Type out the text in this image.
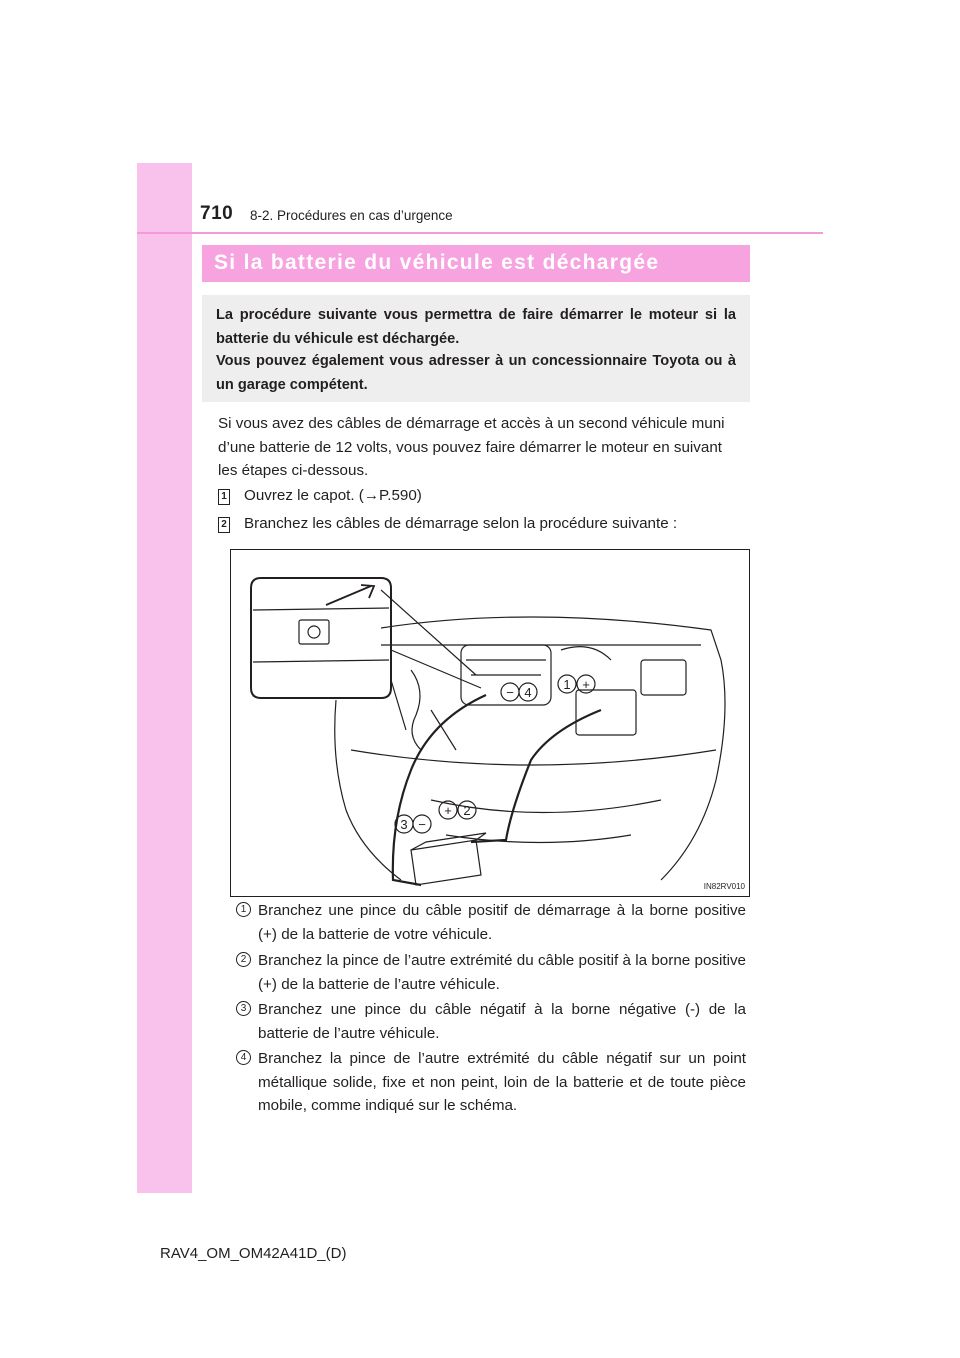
710 8-2. Procédures en cas d’urgence
Si la batterie du véhicule est déchargée

La procédure suivante vous permettra de faire démarrer le moteur si la batterie du véhicule est déchargée.

Vous pouvez également vous adresser à un concessionnaire Toyota ou à un garage compétent.

Si vous avez des câbles de démarrage et accès à un second véhicule muni d’une batterie de 12 volts, vous pouvez faire démarrer le moteur en suivant les étapes ci-dessous.

1 Ouvrez le capot. (→P.590)
2 Branchez les câbles de démarrage selon la procédure suivante :
− 4
1 +
3 −
+ 2
IN82RV010
1 Branchez une pince du câble positif de démarrage à la borne positive (+) de la batterie de votre véhicule.

2 Branchez la pince de l’autre extrémité du câble positif à la borne positive (+) de la batterie de l’autre véhicule.

3 Branchez une pince du câble négatif à la borne négative (-) de la batterie de l’autre véhicule.

4 Branchez la pince de l’autre extrémité du câble négatif sur un point métallique solide, fixe et non peint, loin de la batterie et de toute pièce mobile, comme indiqué sur le schéma.

RAV4_OM_OM42A41D_(D)
